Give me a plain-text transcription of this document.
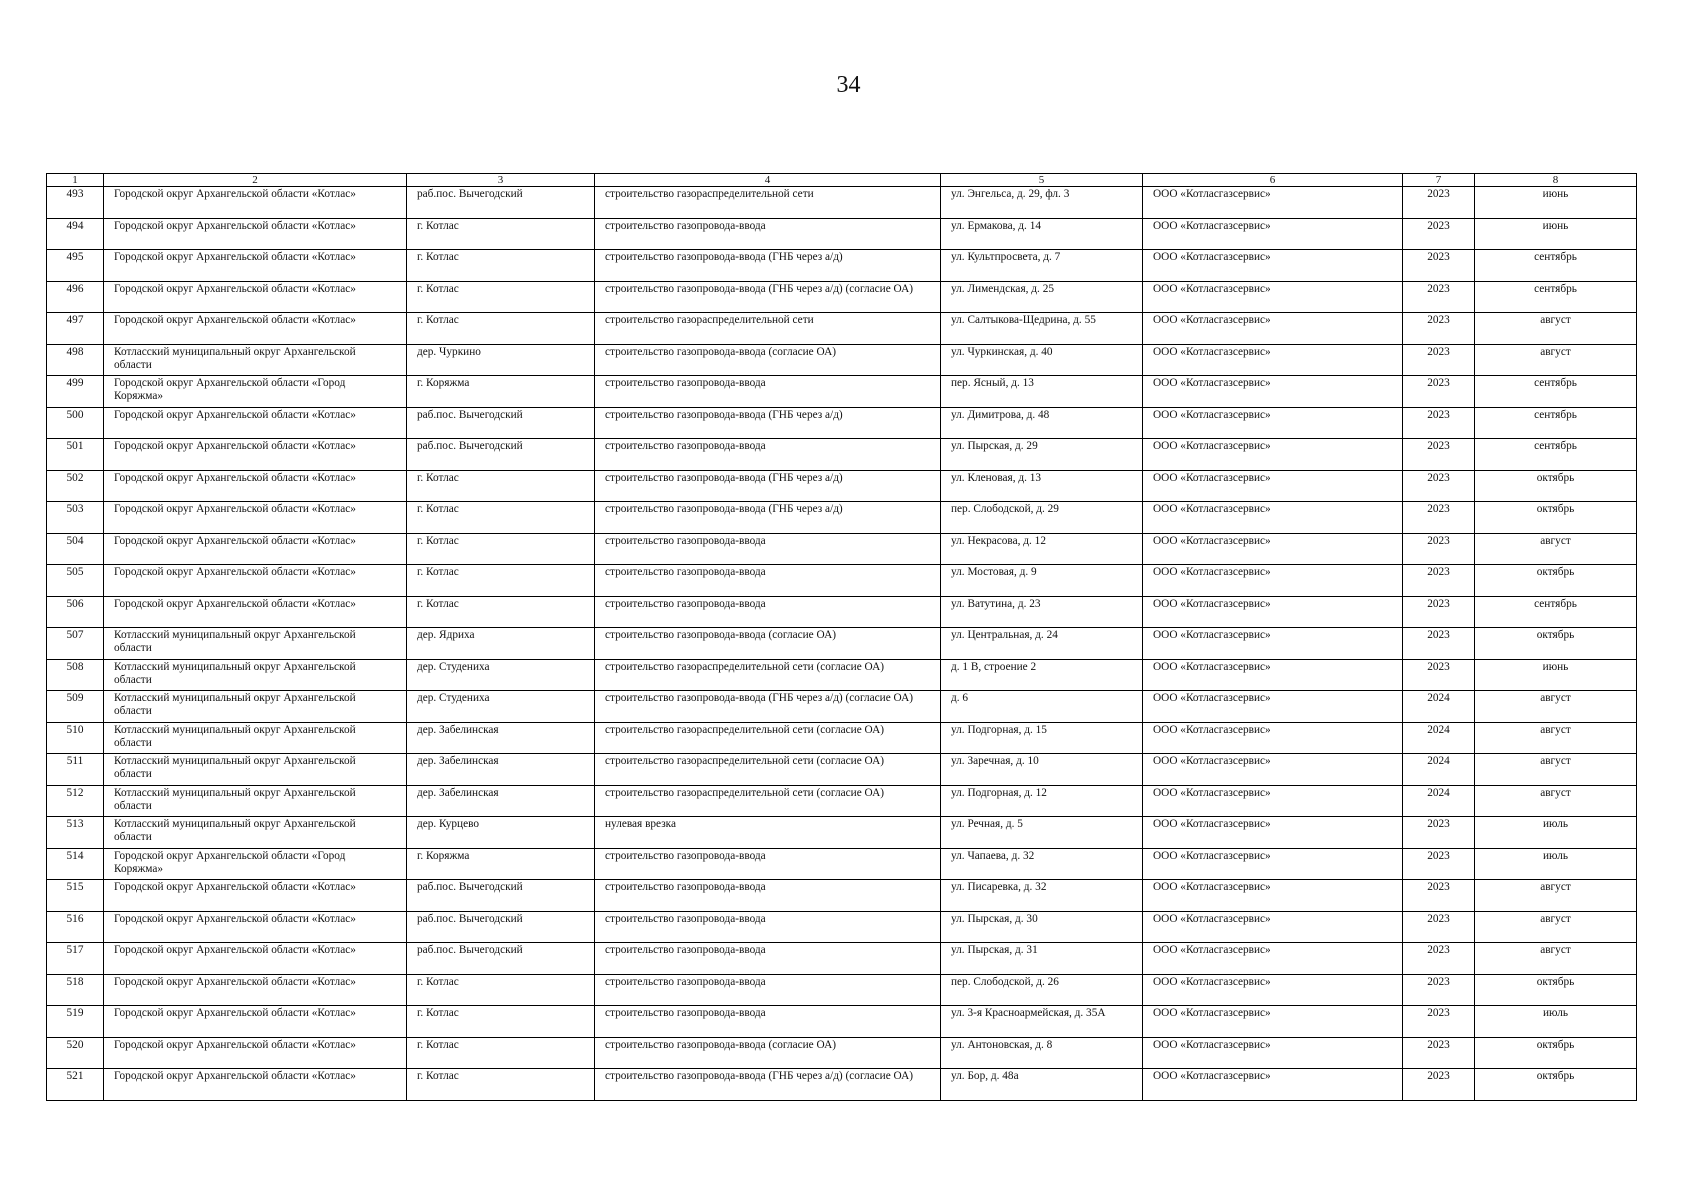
34
1	2	3	4	5	6	7	8
493	Городской округ Архангельской области «Котлас»	раб.пос. Вычегодский	строительство газораспределительной сети	ул. Энгельса, д. 29, фл. 3	ООО «Котласгазсервис»	2023	июнь
494	Городской округ Архангельской области «Котлас»	г. Котлас	строительство газопровода-ввода	ул. Ермакова, д. 14	ООО «Котласгазсервис»	2023	июнь
495	Городской округ Архангельской области «Котлас»	г. Котлас	строительство газопровода-ввода (ГНБ через а/д)	ул. Культпросвета, д. 7	ООО «Котласгазсервис»	2023	сентябрь
496	Городской округ Архангельской области «Котлас»	г. Котлас	строительство газопровода-ввода (ГНБ через а/д) (согласие ОА)	ул. Лимендская, д. 25	ООО «Котласгазсервис»	2023	сентябрь
497	Городской округ Архангельской области «Котлас»	г. Котлас	строительство газораспределительной сети	ул. Салтыкова-Щедрина, д. 55	ООО «Котласгазсервис»	2023	август
498	Котласский муниципальный округ Архангельской области	дер. Чуркино	строительство газопровода-ввода (согласие ОА)	ул. Чуркинская, д. 40	ООО «Котласгазсервис»	2023	август
499	Городской округ Архангельской области «Город Коряжма»	г. Коряжма	строительство газопровода-ввода	пер. Ясный, д. 13	ООО «Котласгазсервис»	2023	сентябрь
500	Городской округ Архангельской области «Котлас»	раб.пос. Вычегодский	строительство газопровода-ввода (ГНБ через а/д)	ул. Димитрова, д. 48	ООО «Котласгазсервис»	2023	сентябрь
501	Городской округ Архангельской области «Котлас»	раб.пос. Вычегодский	строительство газопровода-ввода	ул. Пырская, д. 29	ООО «Котласгазсервис»	2023	сентябрь
502	Городской округ Архангельской области «Котлас»	г. Котлас	строительство газопровода-ввода (ГНБ через а/д)	ул. Кленовая, д. 13	ООО «Котласгазсервис»	2023	октябрь
503	Городской округ Архангельской области «Котлас»	г. Котлас	строительство газопровода-ввода (ГНБ через а/д)	пер. Слободской, д. 29	ООО «Котласгазсервис»	2023	октябрь
504	Городской округ Архангельской области «Котлас»	г. Котлас	строительство газопровода-ввода	ул. Некрасова, д. 12	ООО «Котласгазсервис»	2023	август
505	Городской округ Архангельской области «Котлас»	г. Котлас	строительство газопровода-ввода	ул. Мостовая, д. 9	ООО «Котласгазсервис»	2023	октябрь
506	Городской округ Архангельской области «Котлас»	г. Котлас	строительство газопровода-ввода	ул. Ватутина, д. 23	ООО «Котласгазсервис»	2023	сентябрь
507	Котласский муниципальный округ Архангельской области	дер. Ядриха	строительство газопровода-ввода (согласие ОА)	ул. Центральная, д. 24	ООО «Котласгазсервис»	2023	октябрь
508	Котласский муниципальный округ Архангельской области	дер. Студениха	строительство газораспределительной сети (согласие ОА)	д. 1 В, строение 2	ООО «Котласгазсервис»	2023	июнь
509	Котласский муниципальный округ Архангельской области	дер. Студениха	строительство газопровода-ввода (ГНБ через а/д) (согласие ОА)	д. 6	ООО «Котласгазсервис»	2024	август
510	Котласский муниципальный округ Архангельской области	дер. Забелинская	строительство газораспределительной сети (согласие ОА)	ул. Подгорная, д. 15	ООО «Котласгазсервис»	2024	август
511	Котласский муниципальный округ Архангельской области	дер. Забелинская	строительство газораспределительной сети (согласие ОА)	ул. Заречная, д. 10	ООО «Котласгазсервис»	2024	август
512	Котласский муниципальный округ Архангельской области	дер. Забелинская	строительство газораспределительной сети (согласие ОА)	ул. Подгорная, д. 12	ООО «Котласгазсервис»	2024	август
513	Котласский муниципальный округ Архангельской области	дер. Курцево	нулевая врезка	ул. Речная, д. 5	ООО «Котласгазсервис»	2023	июль
514	Городской округ Архангельской области «Город Коряжма»	г. Коряжма	строительство газопровода-ввода	ул. Чапаева, д. 32	ООО «Котласгазсервис»	2023	июль
515	Городской округ Архангельской области «Котлас»	раб.пос. Вычегодский	строительство газопровода-ввода	ул. Писаревка, д. 32	ООО «Котласгазсервис»	2023	август
516	Городской округ Архангельской области «Котлас»	раб.пос. Вычегодский	строительство газопровода-ввода	ул. Пырская, д. 30	ООО «Котласгазсервис»	2023	август
517	Городской округ Архангельской области «Котлас»	раб.пос. Вычегодский	строительство газопровода-ввода	ул. Пырская, д. 31	ООО «Котласгазсервис»	2023	август
518	Городской округ Архангельской области «Котлас»	г. Котлас	строительство газопровода-ввода	пер. Слободской, д. 26	ООО «Котласгазсервис»	2023	октябрь
519	Городской округ Архангельской области «Котлас»	г. Котлас	строительство газопровода-ввода	ул. 3-я Красноармейская, д. 35А	ООО «Котласгазсервис»	2023	июль
520	Городской округ Архангельской области «Котлас»	г. Котлас	строительство газопровода-ввода (согласие ОА)	ул. Антоновская, д. 8	ООО «Котласгазсервис»	2023	октябрь
521	Городской округ Архангельской области «Котлас»	г. Котлас	строительство газопровода-ввода (ГНБ через а/д) (согласие ОА)	ул. Бор, д. 48а	ООО «Котласгазсервис»	2023	октябрь
